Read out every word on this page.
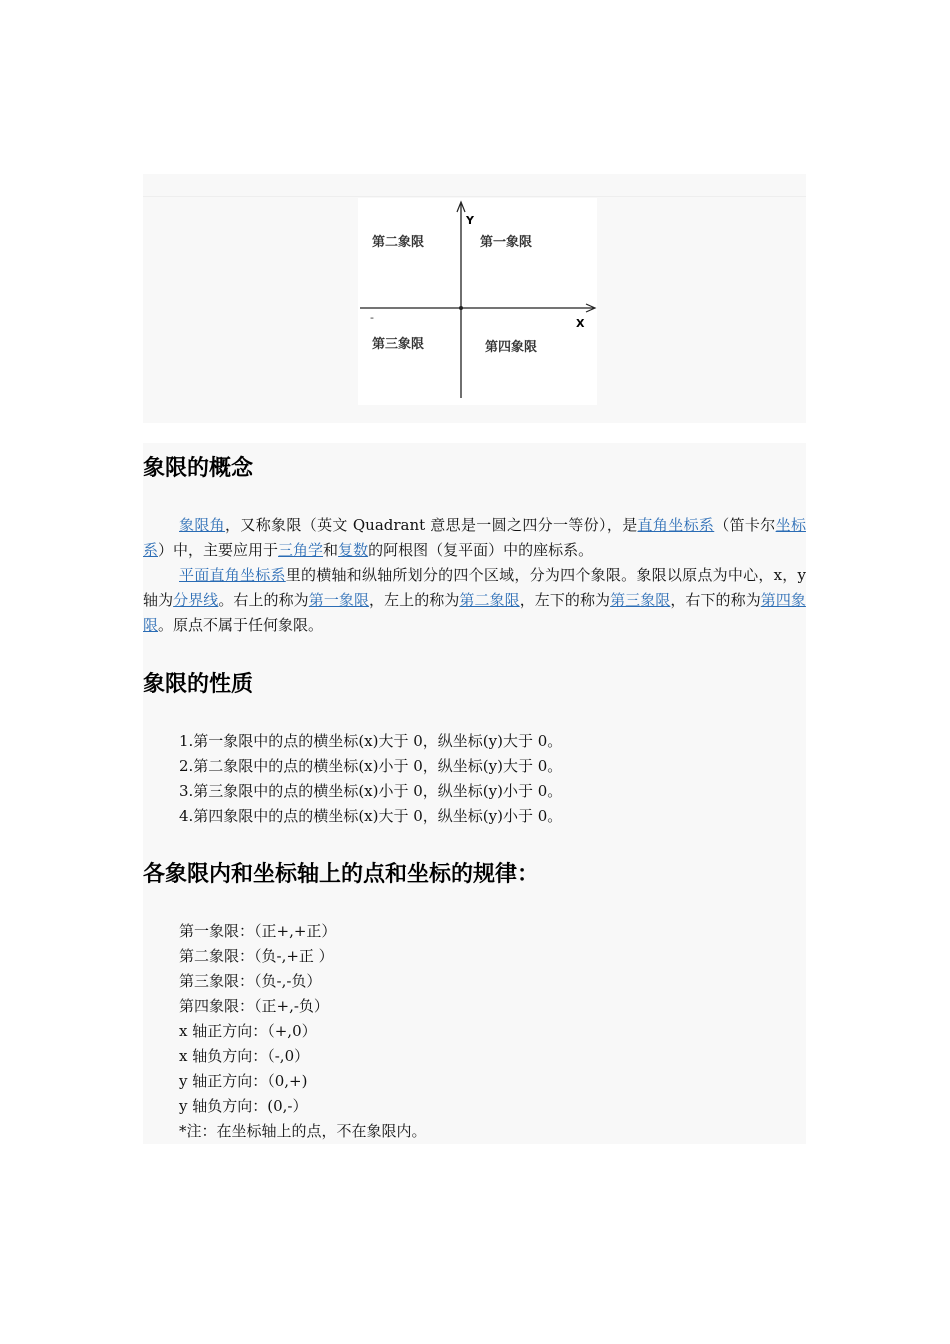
Y
X
第二象限	第一象限
-
第三象限	第四象限
象限的概念

象限角，又称象限（英文 Quadrant 意思是一圆之四分一等份），是直角坐标系（笛卡尔坐标系）中，主要应用于三角学和复数的阿根图（复平面）中的座标系。

平面直角坐标系里的横轴和纵轴所划分的四个区域，分为四个象限。象限以原点为中心，x，y 轴为分界线。右上的称为第一象限，左上的称为第二象限，左下的称为第三象限，右下的称为第四象限。原点不属于任何象限。

象限的性质
1.第一象限中的点的横坐标(x)大于 0，纵坐标(y)大于 0。
2.第二象限中的点的横坐标(x)小于 0，纵坐标(y)大于 0。
3.第三象限中的点的横坐标(x)小于 0，纵坐标(y)小于 0。
4.第四象限中的点的横坐标(x)大于 0，纵坐标(y)小于 0。
各象限内和坐标轴上的点和坐标的规律：
第一象限：（正+,+正）
第二象限：（负-,+正 ）
第三象限：（负-,-负）
第四象限：（正+,-负）
x 轴正方向：（+,0）
x 轴负方向：（-,0）
y 轴正方向：（0,+)
y 轴负方向：(0,-）
*注：在坐标轴上的点，不在象限内。
